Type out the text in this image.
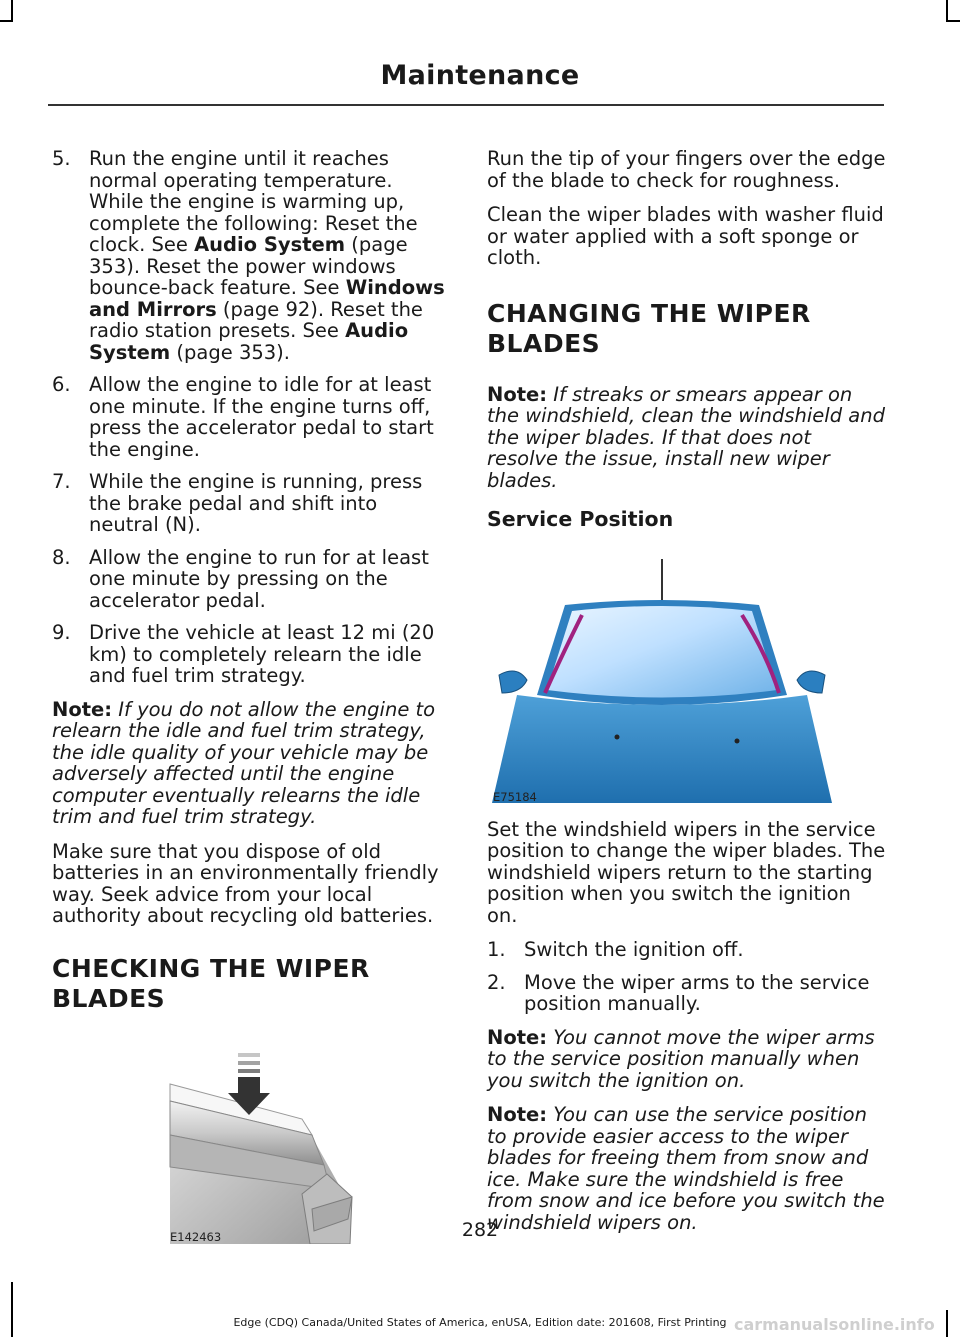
Maintenance
5. Run the engine until it reaches normal operating temperature. While the engine is warming up, complete the following: Reset the clock. See Audio System (page 353). Reset the power windows bounce-back feature. See Windows and Mirrors (page 92). Reset the radio station presets. See Audio System (page 353).
6. Allow the engine to idle for at least one minute. If the engine turns off, press the accelerator pedal to start the engine.
7. While the engine is running, press the brake pedal and shift into neutral (N).
8. Allow the engine to run for at least one minute by pressing on the accelerator pedal.
9. Drive the vehicle at least 12 mi (20 km) to completely relearn the idle and fuel trim strategy.

Note: If you do not allow the engine to relearn the idle and fuel trim strategy, the idle quality of your vehicle may be adversely affected until the engine computer eventually relearns the idle trim and fuel trim strategy.

Make sure that you dispose of old batteries in an environmentally friendly way. Seek advice from your local authority about recycling old batteries.

CHECKING THE WIPER BLADES
E142463

Run the tip of your fingers over the edge of the blade to check for roughness.

Clean the wiper blades with washer fluid or water applied with a soft sponge or cloth.

CHANGING THE WIPER BLADES

Note: If streaks or smears appear on the windshield, clean the windshield and the wiper blades. If that does not resolve the issue, install new wiper blades.

Service Position
E75184

Set the windshield wipers in the service position to change the wiper blades. The windshield wipers return to the starting position when you switch the ignition on.

1. Switch the ignition off.
2. Move the wiper arms to the service position manually.

Note: You cannot move the wiper arms to the service position manually when you switch the ignition on.

Note: You can use the service position to provide easier access to the wiper blades for freeing them from snow and ice. Make sure the windshield is free from snow and ice before you switch the windshield wipers on.

282
Edge (CDQ) Canada/United States of America, enUSA, Edition date: 201608, First Printing carmanualsonline.info
